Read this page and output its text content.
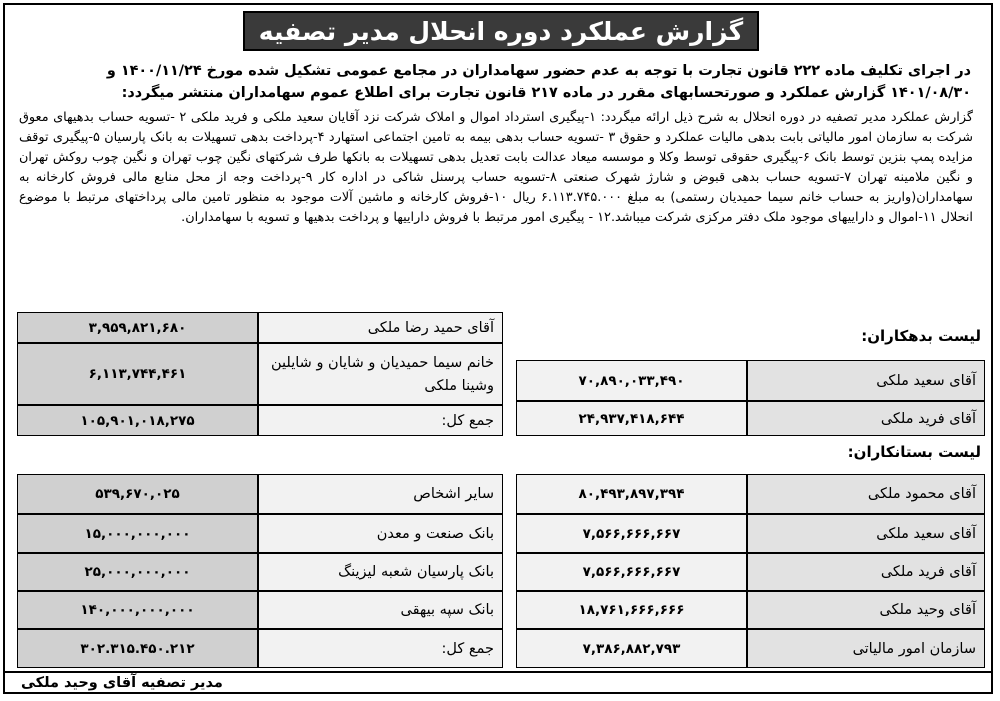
گزارش عملکرد دوره انحلال مدیر تصفیه
در اجرای تکلیف ماده ۲۲۲ قانون تجارت با توجه به عدم حضور سهامداران در مجامع عمومی تشکیل شده مورخ ۱۴۰۰/۱۱/۲۴ و ۱۴۰۱/۰۸/۳۰ گزارش عملکرد و صورتحسابهای مقرر در ماده ۲۱۷ قانون تجارت برای اطلاع عموم سهامداران منتشر میگردد:
گزارش عملکرد مدیر تصفیه در دوره انحلال به شرح ذیل ارائه میگردد: ۱-پیگیری استرداد اموال و املاک شرکت نزد آقایان سعید ملکی و فرید ملکی ۲ -تسویه حساب بدهیهای معوق شرکت به سازمان امور مالیاتی بابت بدهی مالیات عملکرد و حقوق ۳ -تسویه حساب بدهی بیمه به تامین اجتماعی استهارد ۴-پرداخت بدهی تسهیلات به بانک پارسیان ۵-پیگیری توقف مزایده پمپ بنزین توسط بانک ۶-پیگیری حقوقی توسط وکلا و موسسه میعاد عدالت بابت تعدیل بدهی تسهیلات به بانکها طرف شرکتهای نگین چوب تهران و نگین چوب روکش تهران و نگین ملامینه تهران ۷-تسویه حساب بدهی قبوض و شارژ شهرک صنعتی ۸-تسویه حساب پرسنل شاکی در اداره کار ۹-پرداخت وجه از محل منابع مالی فروش کارخانه به سهامداران(واریز به حساب خانم سیما حمیدیان رستمی) به مبلغ ۶.۱۱۳.۷۴۵.۰۰۰ ریال ۱۰-فروش کارخانه و ماشین آلات موجود به منظور تامین مالی پرداختهای مرتبط با موضوع انحلال ۱۱-اموال و داراییهای موجود ملک دفتر مرکزی شرکت میباشد.۱۲ - پیگیری امور مرتبط با فروش داراییها و پرداخت بدهیها و تسویه با سهامداران.
لیست بدهکاران:
آقای حمید رضا ملکی
۳,۹۵۹,۸۲۱,۶۸۰
خانم سیما حمیدیان و شایان و شایلین وشینا ملکی
۶,۱۱۳,۷۴۴,۴۶۱
جمع کل:
۱۰۵,۹۰۱,۰۱۸,۲۷۵
آقای سعید ملکی
۷۰,۸۹۰,۰۳۳,۴۹۰
آقای فرید ملکی
۲۴,۹۳۷,۴۱۸,۶۴۴
لیست بستانکاران:
آقای محمود ملکی
۸۰,۴۹۳,۸۹۷,۳۹۴
آقای سعید ملکی
۷,۵۶۶,۶۶۶,۶۶۷
آقای فرید ملکی
۷,۵۶۶,۶۶۶,۶۶۷
آقای وحید ملکی
۱۸,۷۶۱,۶۶۶,۶۶۶
سازمان امور مالیاتی
۷,۳۸۶,۸۸۲,۷۹۳
سایر اشخاص
۵۳۹,۶۷۰,۰۲۵
بانک صنعت و معدن
۱۵,۰۰۰,۰۰۰,۰۰۰
بانک پارسیان شعبه لیزینگ
۲۵,۰۰۰,۰۰۰,۰۰۰
بانک سپه بیهقی
۱۴۰,۰۰۰,۰۰۰,۰۰۰
جمع کل:
۳۰۲.۳۱۵.۴۵۰.۲۱۲
مدیر تصفیه آقای وحید ملکی
